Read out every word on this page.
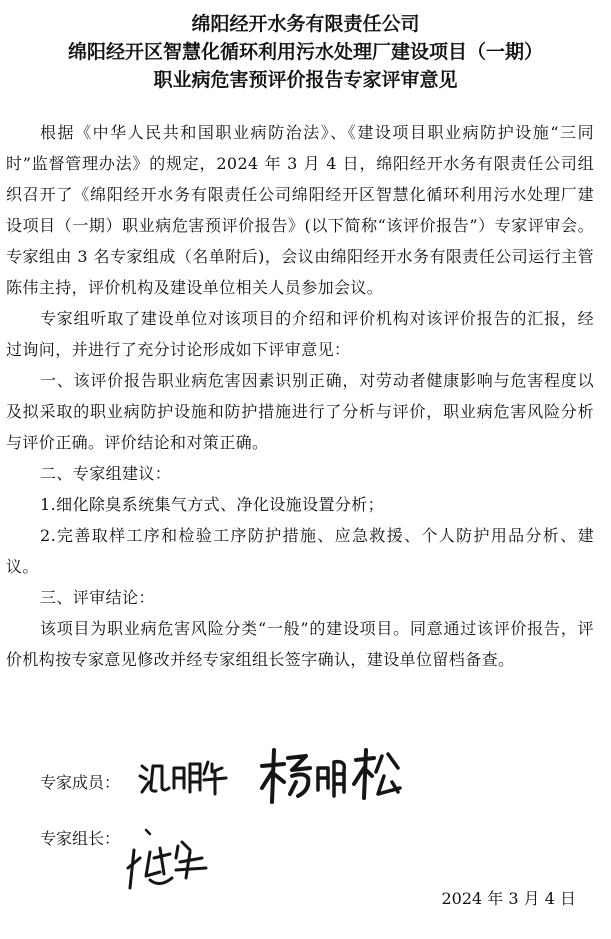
绵阳经开水务有限责任公司
绵阳经开区智慧化循环利用污水处理厂建设项目（一期）
职业病危害预评价报告专家评审意见

根据《中华人民共和国职业病防治法》、《建设项目职业病防护设施“三同时”监督管理办法》的规定，2024 年 3 月 4 日，绵阳经开水务有限责任公司组织召开了《绵阳经开水务有限责任公司绵阳经开区智慧化循环利用污水处理厂建设项目（一期）职业病危害预评价报告》(以下简称“该评价报告”）专家评审会。专家组由 3 名专家组成（名单附后)，会议由绵阳经开水务有限责任公司运行主管陈伟主持，评价机构及建设单位相关人员参加会议。

专家组听取了建设单位对该项目的介绍和评价机构对该评价报告的汇报，经过询问，并进行了充分讨论形成如下评审意见：

一、该评价报告职业病危害因素识别正确，对劳动者健康影响与危害程度以及拟采取的职业病防护设施和防护措施进行了分析与评价，职业病危害风险分析与评价正确。评价结论和对策正确。

二、专家组建议：

1.细化除臭系统集气方式、净化设施设置分析；

2.完善取样工序和检验工序防护措施、应急救援、个人防护用品分析、建议。

三、评审结论：

该项目为职业病危害风险分类“一般”的建设项目。同意通过该评价报告，评价机构按专家意见修改并经专家组组长签字确认，建设单位留档备查。

专家成员：
专家组长：
2024 年 3 月 4 日
